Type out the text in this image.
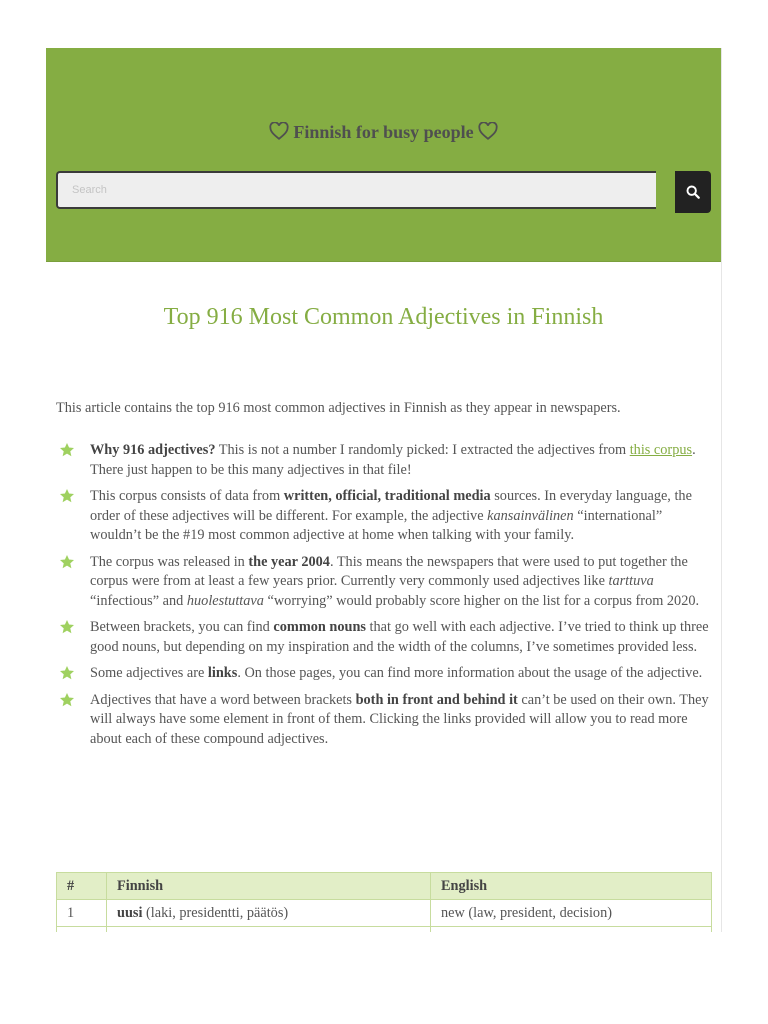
Finnish for busy people
Search
Top 916 Most Common Adjectives in Finnish

This article contains the top 916 most common adjectives in Finnish as they appear in newspapers.

Why 916 adjectives? This is not a number I randomly picked: I extracted the adjectives from this corpus. There just happen to be this many adjectives in that file!
This corpus consists of data from written, official, traditional media sources. In everyday language, the order of these adjectives will be different. For example, the adjective kansainvälinen “international” wouldn’t be the #19 most common adjective at home when talking with your family.
The corpus was released in the year 2004. This means the newspapers that were used to put together the corpus were from at least a few years prior. Currently very commonly used adjectives like tarttuva “infectious” and huolestuttava “worrying” would probably score higher on the list for a corpus from 2020.
Between brackets, you can find common nouns that go well with each adjective. I’ve tried to think up three good nouns, but depending on my inspiration and the width of the columns, I’ve sometimes provided less.
Some adjectives are links. On those pages, you can find more information about the usage of the adjective.
Adjectives that have a word between brackets both in front and behind it can’t be used on their own. They will always have some element in front of them. Clicking the links provided will allow you to read more about each of these compound adjectives.
#	Finnish	English
1	uusi (laki, presidentti, päätös)	new (law, president, decision)
